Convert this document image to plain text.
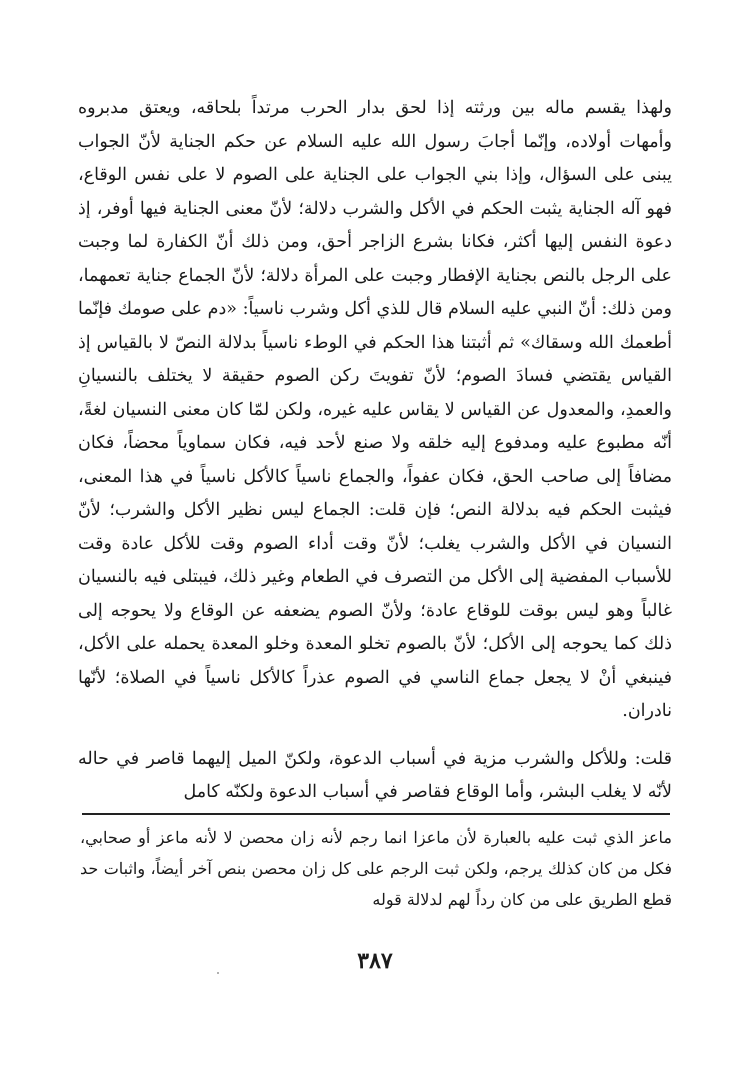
ولهذا يقسم ماله بين ورثته إذا لحق بدار الحرب مرتداً بلحاقه، ويعتق مدبروه وأمهات أولاده، وإنّما أجابَ رسول الله عليه السلام عن حكم الجناية لأنّ الجواب يبنى على السؤال، وإذا بني الجواب على الجناية على الصوم لا على نفس الوقاع، فهو آله الجناية يثبت الحكم في الأكل والشرب دلالة؛ لأنّ معنى الجناية فيها أوفر، إذ دعوة النفس إليها أكثر، فكانا بشرع الزاجر أحق، ومن ذلك أنّ الكفارة لما وجبت على الرجل بالنص بجناية الإفطار وجبت على المرأة دلالة؛ لأنّ الجماع جناية تعمهما، ومن ذلك: أنّ النبي عليه السلام قال للذي أكل وشرب ناسياً: «دم على صومك فإنّما أطعمك الله وسقاك» ثم أثبتنا هذا الحكم في الوطء ناسياً بدلالة النصّ لا بالقياس إذ القياس يقتضي فسادَ الصوم؛ لأنّ تفويتَ ركن الصوم حقيقة لا يختلف بالنسيانِ والعمدِ، والمعدول عن القياس لا يقاس عليه غيره، ولكن لمّا كان معنى النسيان لغةً، أنّه مطبوع عليه ومدفوع إليه خلقه ولا صنع لأحد فيه، فكان سماوياً محضاً، فكان مضافاً إلى صاحب الحق، فكان عفواً، والجماع ناسياً كالأكل ناسياً في هذا المعنى، فيثبت الحكم فيه بدلالة النص؛ فإن قلت: الجماع ليس نظير الأكل والشرب؛ لأنّ النسيان في الأكل والشرب يغلب؛ لأنّ وقت أداء الصوم وقت للأكل عادة وقت للأسباب المفضية إلى الأكل من التصرف في الطعام وغير ذلك، فيبتلى فيه بالنسيان غالباً وهو ليس بوقت للوقاع عادة؛ ولأنّ الصوم يضعفه عن الوقاع ولا يحوجه إلى ذلك كما يحوجه إلى الأكل؛ لأنّ بالصوم تخلو المعدة وخلو المعدة يحمله على الأكل، فينبغي أنْ لا يجعل جماع الناسي في الصوم عذراً كالأكل ناسياً في الصلاة؛ لأنّها نادران.

قلت: وللأكل والشرب مزية في أسباب الدعوة، ولكنّ الميل إليهما قاصر في حاله لأنّه لا يغلب البشر، وأما الوقاع فقاصر في أسباب الدعوة ولكنّه كامل

ماعز الذي ثبت عليه بالعبارة لأن ماعزا انما رجم لأنه زان محصن لا لأنه ماعز أو صحابي، فكل من كان كذلك يرجم، ولكن ثبت الرجم على كل زان محصن بنص آخر أيضاً، واثبات حد قطع الطريق على من كان رداً لهم لدلالة قوله
٣٨٧
